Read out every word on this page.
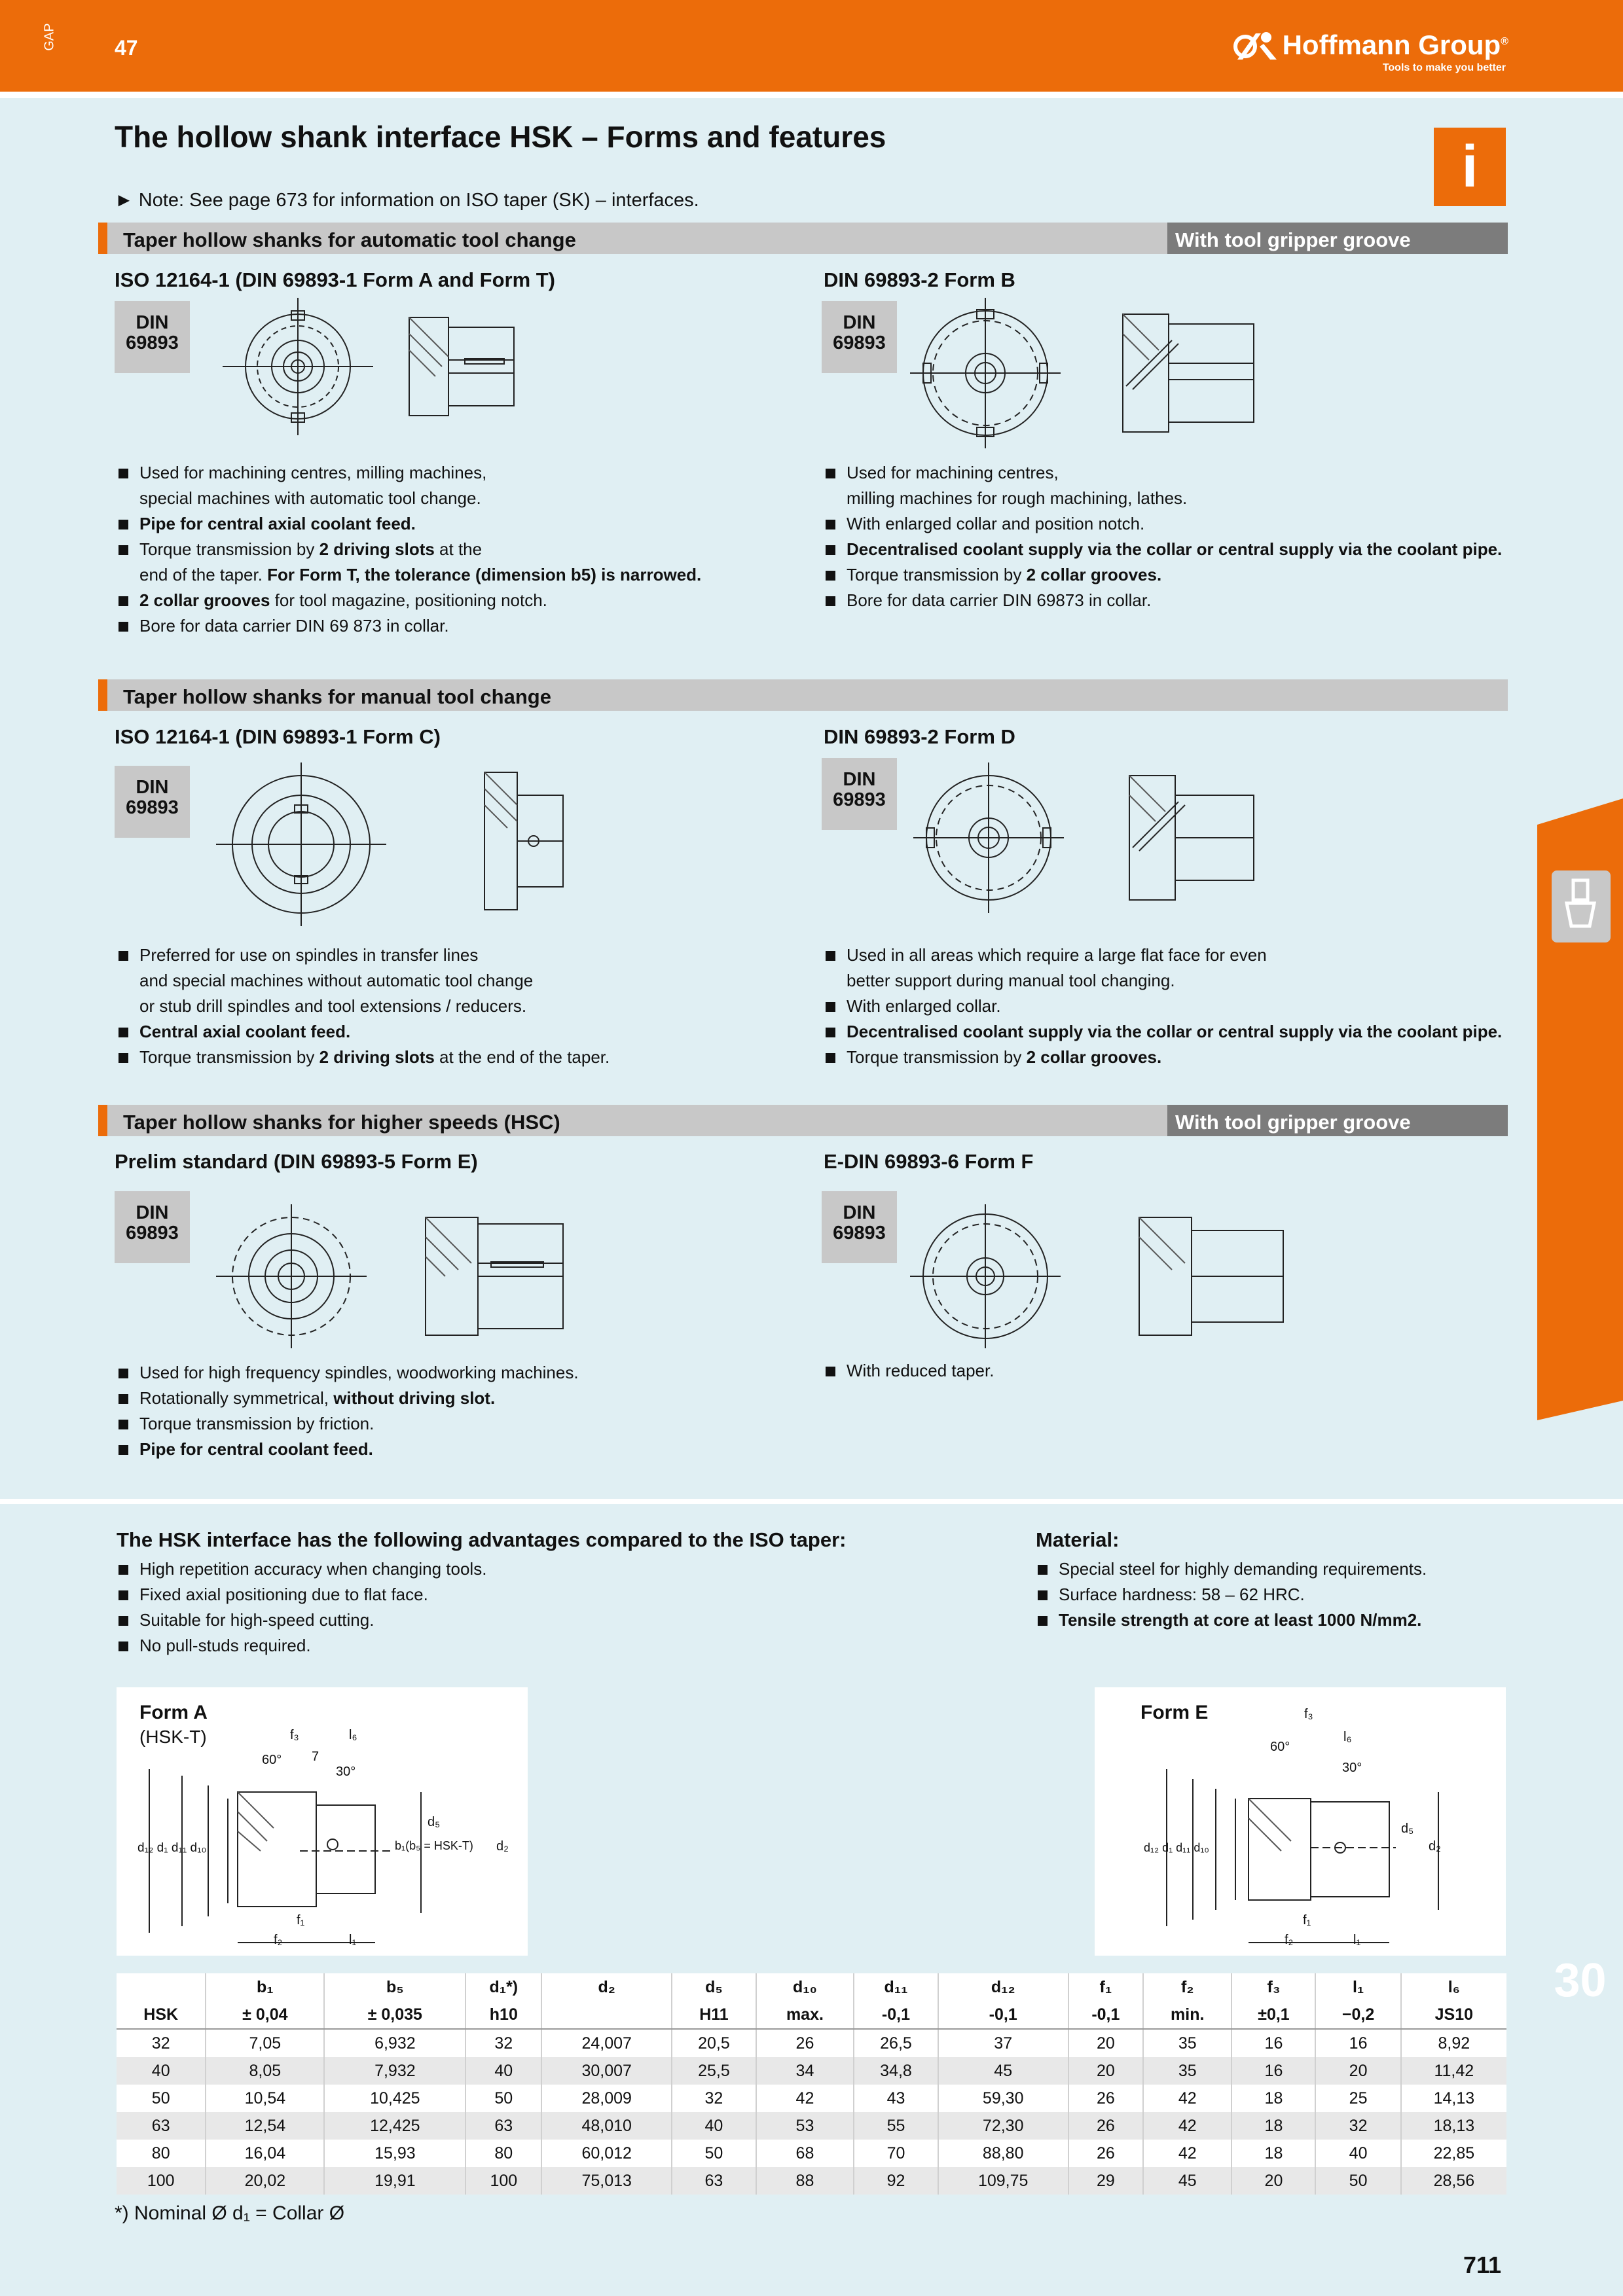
GAP	47	Hoffmann Group®
Tools to make you better
The hollow shank interface HSK – Forms and features	i
► Note: See page 673 for information on ISO taper (SK) – interfaces.
Taper hollow shanks for automatic tool change	With tool gripper groove
ISO 12164-1 (DIN 69893-1 Form A and Form T)	DIN 69893-2 Form B
DIN
69893
DIN
69893
Used for machining centres, milling machines,
special machines with automatic tool change.
Pipe for central axial coolant feed.
Torque transmission by 2 driving slots at the
end of the taper. For Form T, the tolerance (dimension b5) is narrowed.
2 collar grooves for tool magazine, positioning notch.
Bore for data carrier DIN 69 873 in collar.
Used for machining centres,
milling machines for rough machining, lathes.
With enlarged collar and position notch.
Decentralised coolant supply via the collar or central supply via the coolant pipe.
Torque transmission by 2 collar grooves.
Bore for data carrier DIN 69873 in collar.
Taper hollow shanks for manual tool change
ISO 12164-1 (DIN 69893-1 Form C)	DIN 69893-2 Form D
DIN
69893
DIN
69893
Preferred for use on spindles in transfer lines
and special machines without automatic tool change
or stub drill spindles and tool extensions / reducers.
Central axial coolant feed.
Torque transmission by 2 driving slots at the end of the taper.
Used in all areas which require a large flat face for even
better support during manual tool changing.
With enlarged collar.
Decentralised coolant supply via the collar or central supply via the coolant pipe.
Torque transmission by 2 collar grooves.
Taper hollow shanks for higher speeds (HSC)	With tool gripper groove
Prelim standard (DIN 69893-5 Form E)	E-DIN 69893-6 Form F
DIN
69893
DIN
69893
Used for high frequency spindles, woodworking machines.
Rotationally symmetrical, without driving slot.
Torque transmission by friction.
Pipe for central coolant feed.
With reduced taper.
The HSK interface has the following advantages compared to the ISO taper:
High repetition accuracy when changing tools.
Fixed axial positioning due to flat face.
Suitable for high-speed cutting.
No pull-studs required.
Material:
Special steel for highly demanding requirements.
Surface hardness: 58 – 62 HRC.
Tensile strength at core at least 1000 N/mm2.
Form A
(HSK-T)	f₃	l₆
60° 7
30°
d₅
b₁(b₅ = HSK-T) d₂
d₁₂ d₁ d₁₁ d₁₀
f₁
f₂	l₁
Form E	f₃
l₆
60°
30°
d₅
d₂
d₁₂ d₁ d₁₁ d₁₀
f₁
f₂	l₁
	b₁	b₅	d₁*)	d₂	d₅	d₁₀	d₁₁	d₁₂	f₁	f₂	f₃	l₁	l₆
HSK	± 0,04	± 0,035	h10		H11	max.	-0,1	-0,1	-0,1	min.	±0,1	−0,2	JS10
32	7,05	6,932	32	24,007	20,5	26	26,5	37	20	35	16	16	8,92
40	8,05	7,932	40	30,007	25,5	34	34,8	45	20	35	16	20	11,42
50	10,54	10,425	50	28,009	32	42	43	59,30	26	42	18	25	14,13
63	12,54	12,425	63	48,010	40	53	55	72,30	26	42	18	32	18,13
80	16,04	15,93	80	60,012	50	68	70	88,80	26	42	18	40	22,85
100	20,02	19,91	100	75,013	63	88	92	109,75	29	45	20	50	28,56
*) Nominal Ø d₁ = Collar Ø
30
711
